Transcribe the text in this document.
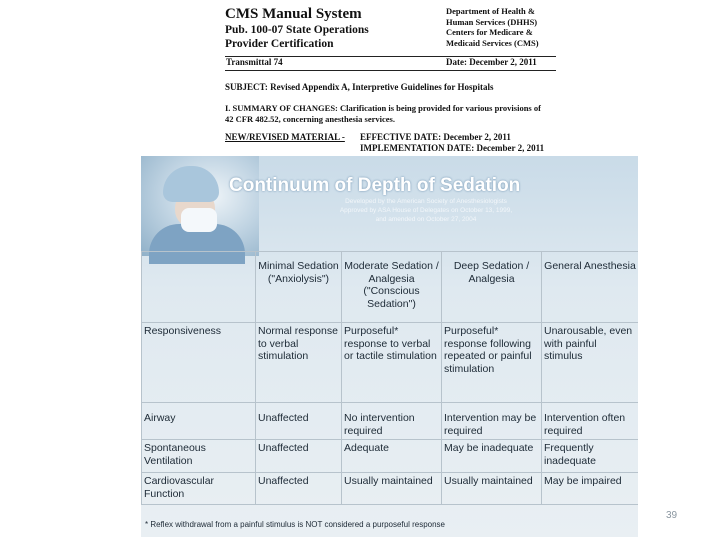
CMS Manual System
Pub. 100-07 State Operations
Provider Certification
Department of Health &
Human Services (DHHS)
Centers for Medicare &
Medicaid Services (CMS)
Transmittal 74	Date: December 2, 2011
SUBJECT: Revised Appendix A, Interpretive Guidelines for Hospitals
I. SUMMARY OF CHANGES: Clarification is being provided for various provisions of
42 CFR 482.52, concerning anesthesia services.
NEW/REVISED MATERIAL - EFFECTIVE DATE: December 2, 2011
IMPLEMENTATION DATE: December 2, 2011
Continuum of Depth of Sedation
Developed by the American Society of Anesthesiologists
Approved by ASA House of Delegates on October 13, 1999,
and amended on October 27, 2004
	Minimal Sedation ("Anxiolysis")	Moderate Sedation / Analgesia ("Conscious Sedation")	Deep Sedation / Analgesia	General Anesthesia
Responsiveness	Normal response to verbal stimulation	Purposeful* response to verbal or tactile stimulation	Purposeful* response following repeated or painful stimulation	Unarousable, even with painful stimulus
Airway	Unaffected	No intervention required	Intervention may be required	Intervention often required
Spontaneous Ventilation	Unaffected	Adequate	May be inadequate	Frequently inadequate
Cardiovascular Function	Unaffected	Usually maintained	Usually maintained	May be impaired
* Reflex withdrawal from a painful stimulus is NOT considered a purposeful response
39
